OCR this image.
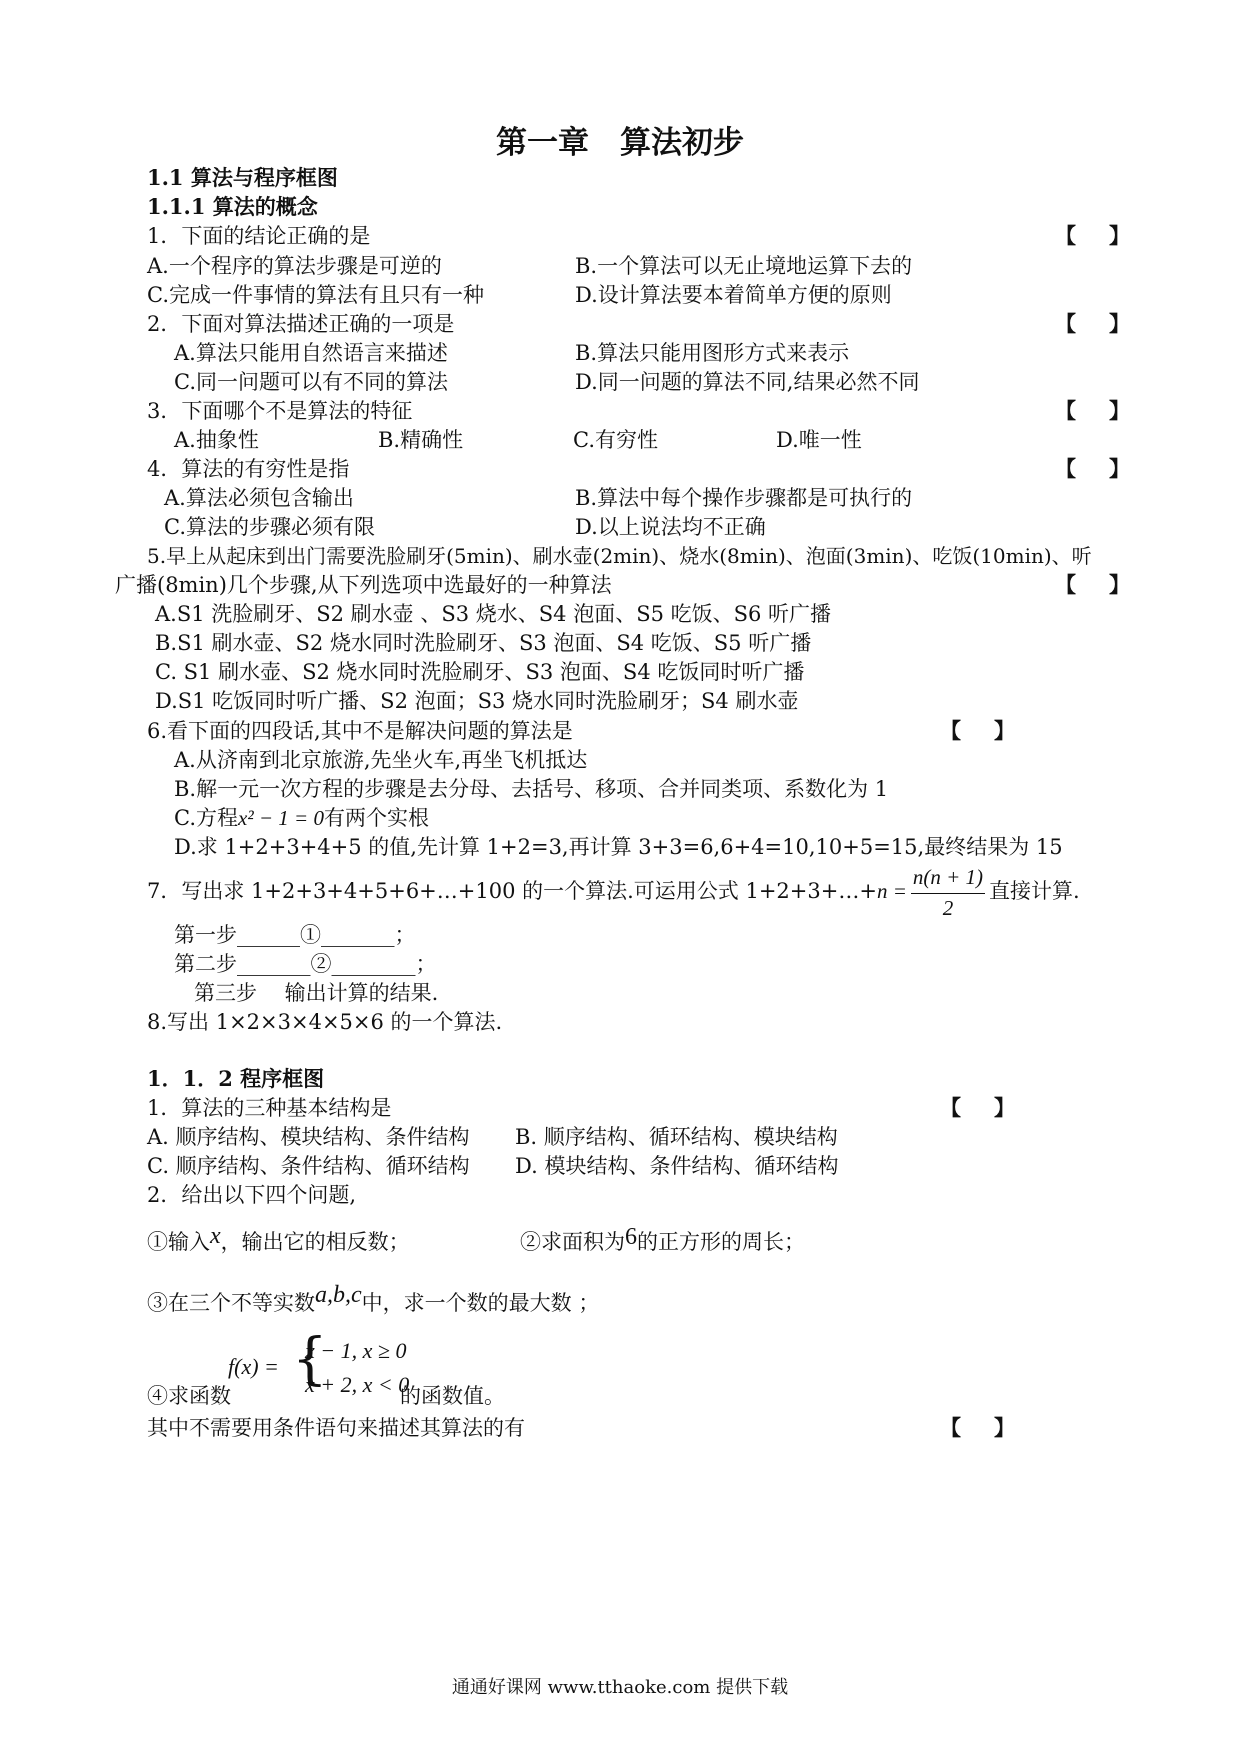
第一章　算法初步
1.1 算法与程序框图
1.1.1 算法的概念
1．下面的结论正确的是	【 】
A.一个程序的算法步骤是可逆的	B.一个算法可以无止境地运算下去的
C.完成一件事情的算法有且只有一种	D.设计算法要本着简单方便的原则
2．下面对算法描述正确的一项是	【 】
A.算法只能用自然语言来描述	B.算法只能用图形方式来表示
C.同一问题可以有不同的算法	D.同一问题的算法不同,结果必然不同
3．下面哪个不是算法的特征	【 】
A.抽象性	B.精确性	C.有穷性	D.唯一性
4．算法的有穷性是指	【 】
A.算法必须包含输出	B.算法中每个操作步骤都是可执行的
C.算法的步骤必须有限	D.以上说法均不正确
5.早上从起床到出门需要洗脸刷牙(5min)、刷水壶(2min)、烧水(8min)、泡面(3min)、吃饭(10min)、听
广播(8min)几个步骤,从下列选项中选最好的一种算法	【 】
A.S1 洗脸刷牙、S2 刷水壶 、S3 烧水、S4 泡面、S5 吃饭、S6 听广播
B.S1 刷水壶、S2 烧水同时洗脸刷牙、S3 泡面、S4 吃饭、S5 听广播
C. S1 刷水壶、S2 烧水同时洗脸刷牙、S3 泡面、S4 吃饭同时听广播
D.S1 吃饭同时听广播、S2 泡面；S3 烧水同时洗脸刷牙；S4 刷水壶
6.看下面的四段话,其中不是解决问题的算法是	【 】
A.从济南到北京旅游,先坐火车,再坐飞机抵达
B.解一元一次方程的步骤是去分母、去括号、移项、合并同类项、系数化为 1
C.方程x² − 1 = 0有两个实根
D.求 1+2+3+4+5 的值,先计算 1+2=3,再计算 3+3=6,6+4=10,10+5=15,最终结果为 15
7．写出求 1+2+3+4+5+6+…+100 的一个算法.可运用公式 1+2+3+…+n = $\frac{n(n + 1)}{2}$ 直接计算.
第一步______①_______；
第二步_______②________；
第三步　 输出计算的结果.
8.写出 1×2×3×4×5×6 的一个算法.
1．1．2 程序框图
1．算法的三种基本结构是	【 】
A. 顺序结构、模块结构、条件结构 B. 顺序结构、循环结构、模块结构
C. 顺序结构、条件结构、循环结构 D. 模块结构、条件结构、循环结构
2．给出以下四个问题,
①输入x，输出它的相反数；	②求面积为6的正方形的周长；
③在三个不等实数a,b,c中，求一个数的最大数 ；
④求函数
f(x) = {
x − 1, x ≥ 0
x + 2, x < 0
的函数值。
其中不需要用条件语句来描述其算法的有	【 】
通通好课网 www.tthaoke.com 提供下载
